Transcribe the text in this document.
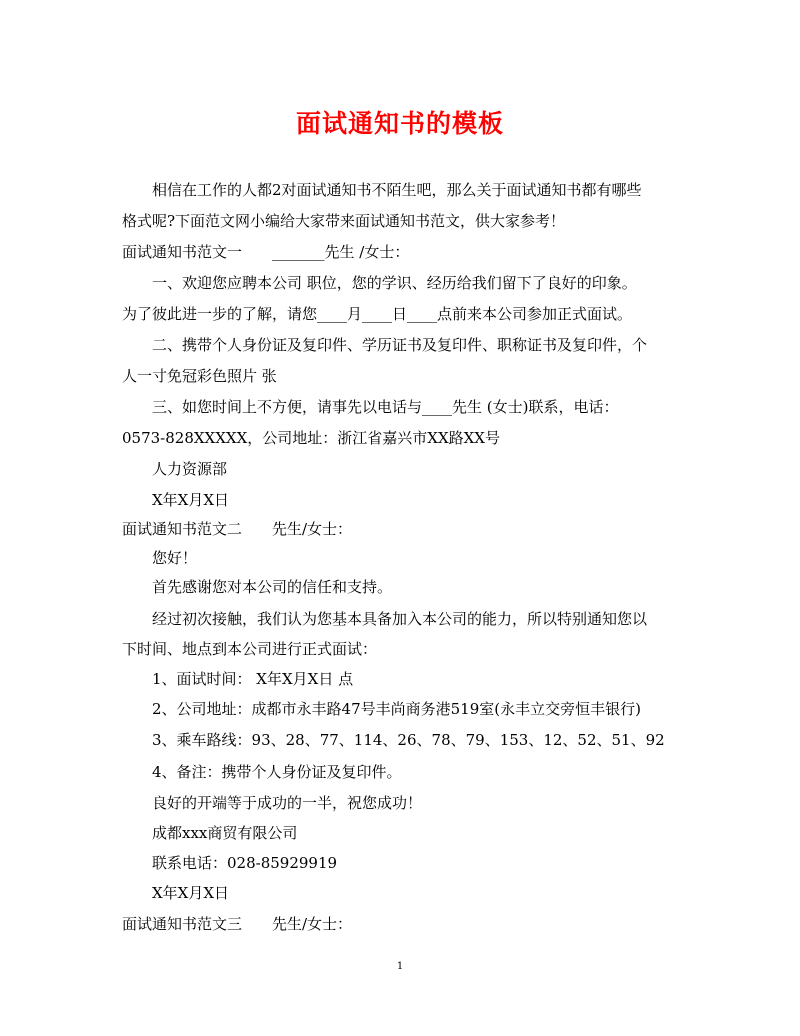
面试通知书的模板
相信在工作的人都2对面试通知书不陌生吧，那么关于面试通知书都有哪些
格式呢?下面范文网小编给大家带来面试通知书范文，供大家参考！
面试通知书范文一　　_______先生 /女士：
一、欢迎您应聘本公司 职位，您的学识、经历给我们留下了良好的印象。
为了彼此进一步的了解，请您____月____日____点前来本公司参加正式面试。
二、携带个人身份证及复印件、学历证书及复印件、职称证书及复印件，个
人一寸免冠彩色照片 张
三、如您时间上不方便，请事先以电话与____先生 (女士)联系，电话：
0573-828XXXXX，公司地址：浙江省嘉兴市XX路XX号
人力资源部
X年X月X日
面试通知书范文二　　先生/女士：
您好！
首先感谢您对本公司的信任和支持。
经过初次接触，我们认为您基本具备加入本公司的能力，所以特别通知您以
下时间、地点到本公司进行正式面试：
1、面试时间： X年X月X日 点
2、公司地址：成都市永丰路47号丰尚商务港519室(永丰立交旁恒丰银行)
3、乘车路线：93、28、77、114、26、78、79、153、12、52、51、92
4、备注：携带个人身份证及复印件。
良好的开端等于成功的一半，祝您成功！
成都xxx商贸有限公司
联系电话：028-85929919
X年X月X日
面试通知书范文三　　先生/女士：
1
